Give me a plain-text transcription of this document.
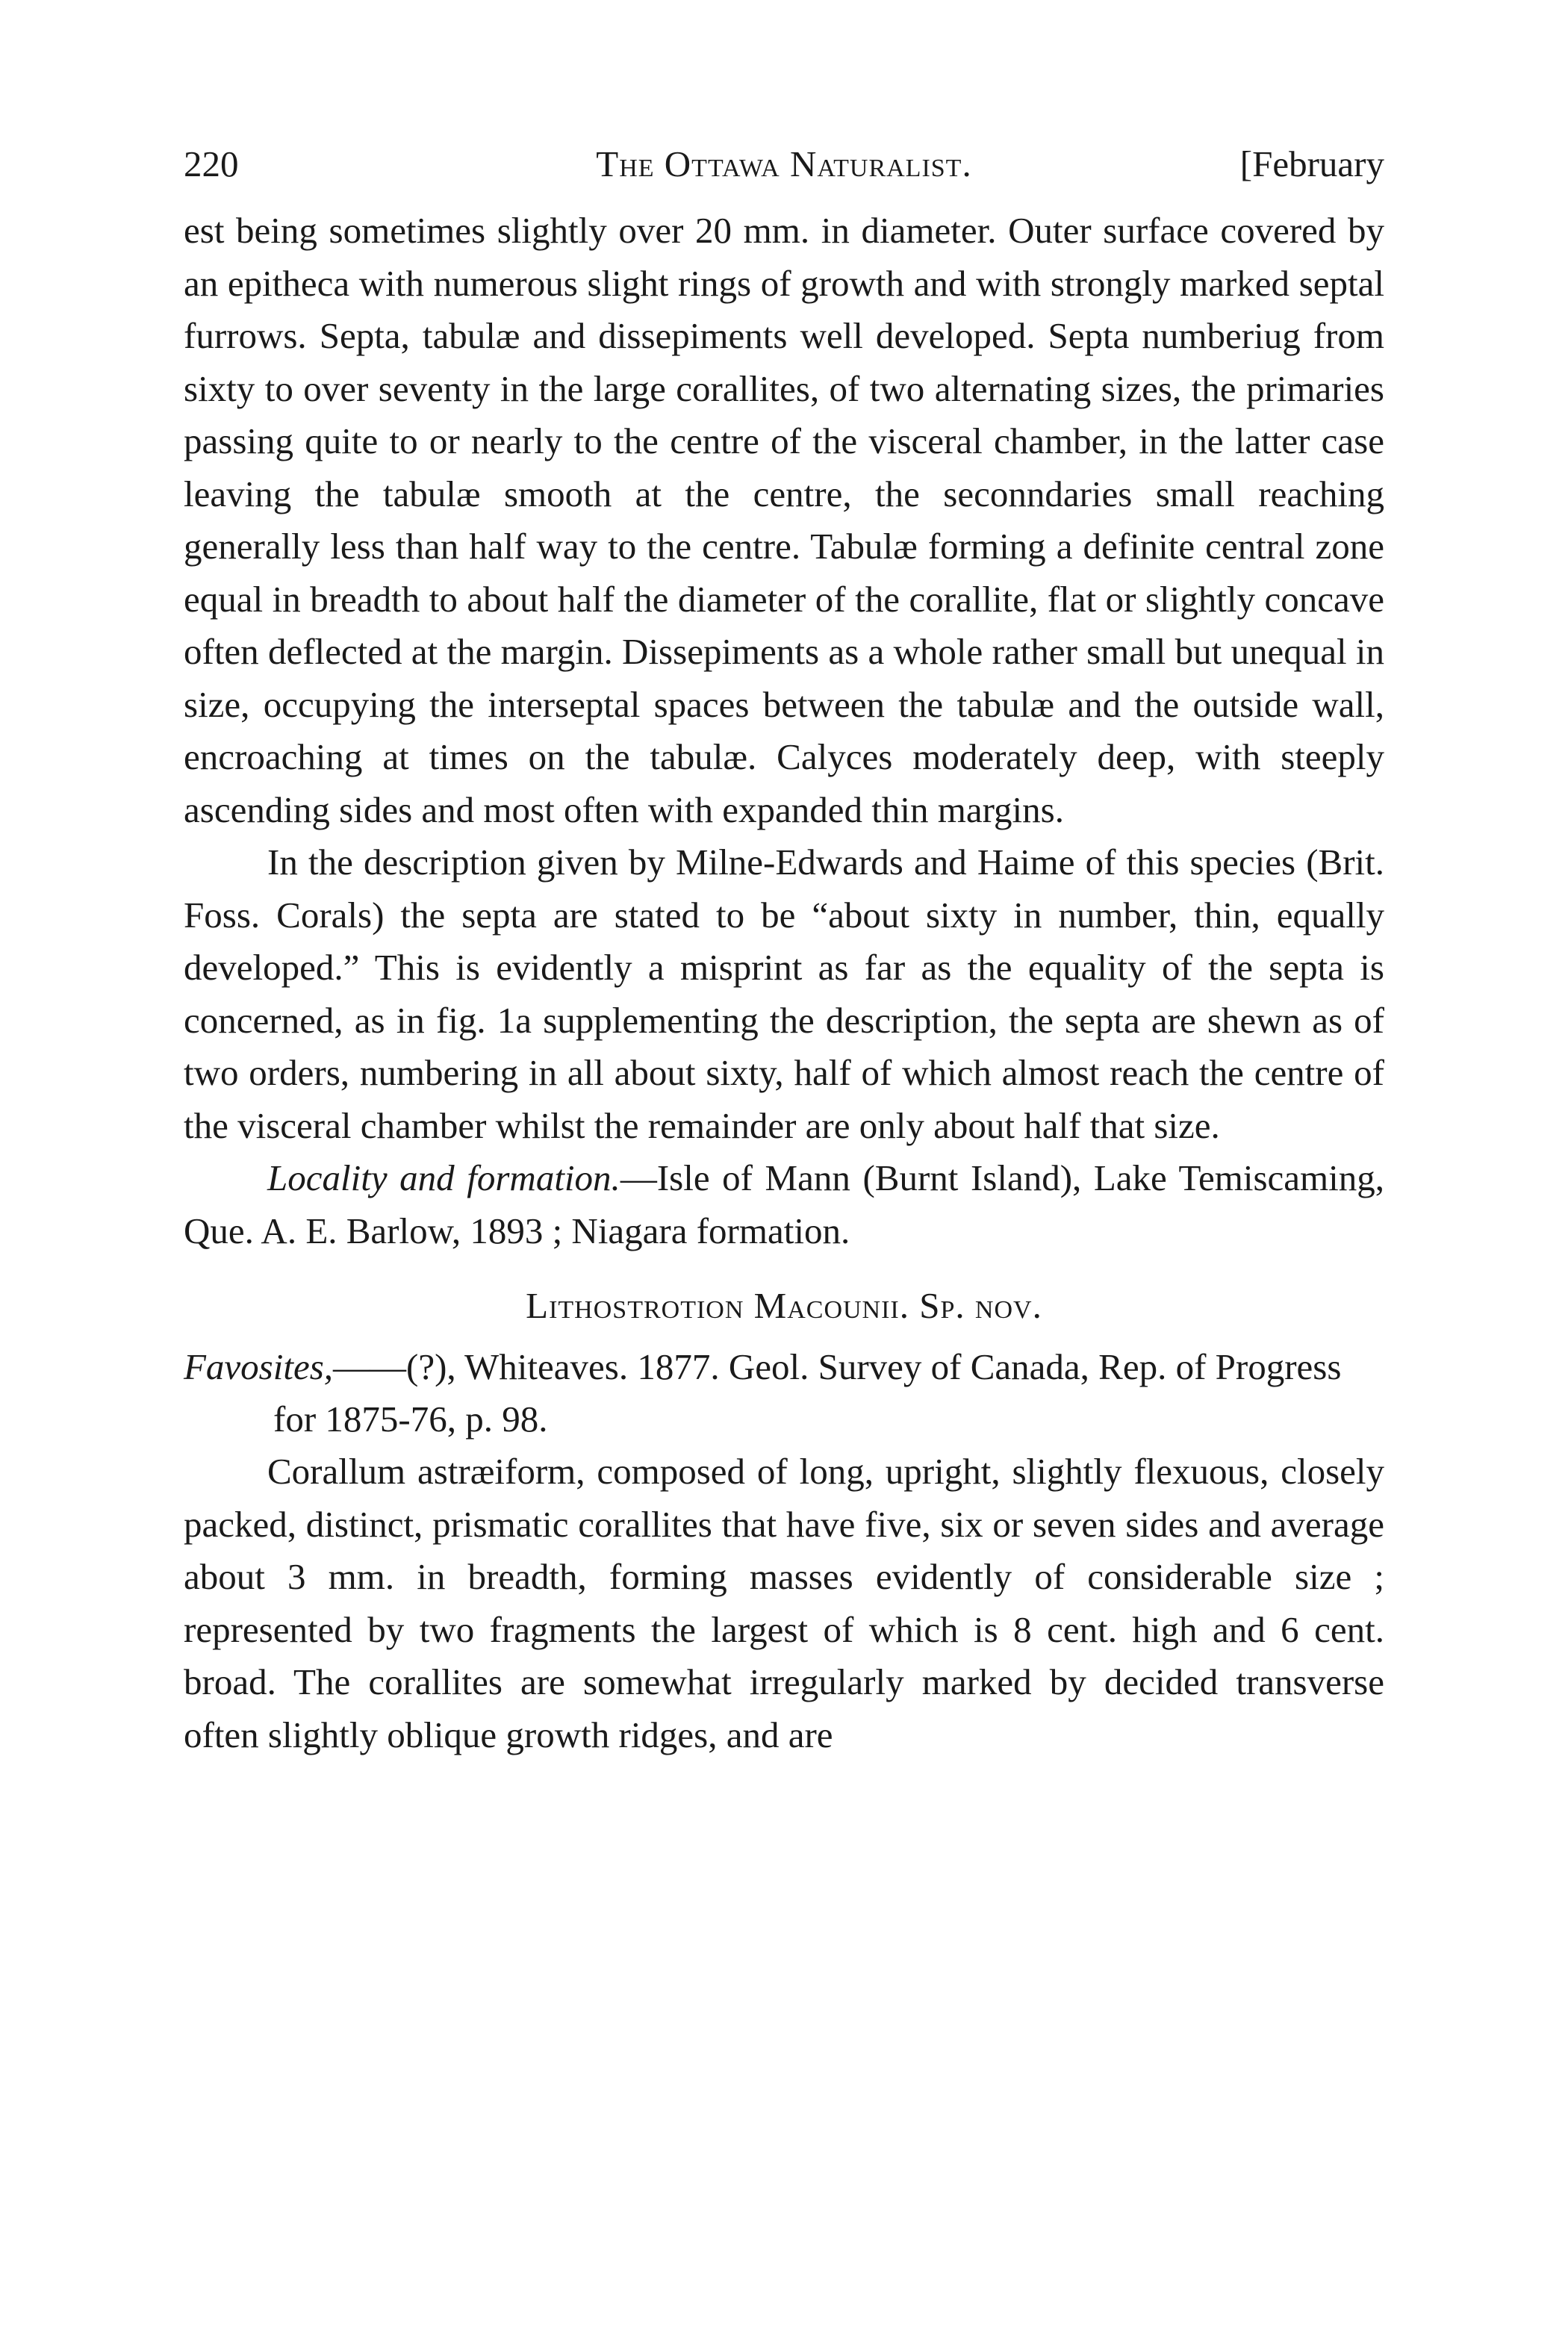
220	The Ottawa Naturalist.	[February

est being sometimes slightly over 20 mm. in diameter. Outer surface covered by an epitheca with numerous slight rings of growth and with strongly marked septal furrows. Septa, tabulæ and dissepiments well developed. Septa numberiug from sixty to over seventy in the large corallites, of two alternating sizes, the primaries passing quite to or nearly to the centre of the visceral chamber, in the latter case leaving the tabulæ smooth at the centre, the seconndaries small reaching generally less than half way to the centre. Tabulæ forming a definite central zone equal in breadth to about half the diameter of the corallite, flat or slightly concave often deflected at the margin. Dissepiments as a whole rather small but unequal in size, occupying the interseptal spaces between the tabulæ and the outside wall, encroaching at times on the tabulæ. Calyces moderately deep, with steeply ascending sides and most often with expanded thin margins.

In the description given by Milne-Edwards and Haime of this species (Brit. Foss. Corals) the septa are stated to be “about sixty in number, thin, equally developed.” This is evidently a misprint as far as the equality of the septa is concerned, as in fig. 1a supplementing the description, the septa are shewn as of two orders, numbering in all about sixty, half of which almost reach the centre of the visceral chamber whilst the remainder are only about half that size.

Locality and formation.—Isle of Mann (Burnt Island), Lake Temiscaming, Que. A. E. Barlow, 1893 ; Niagara formation.

Lithostrotion Macounii. Sp. nov.

Favosites,——(?), Whiteaves. 1877. Geol. Survey of Canada, Rep. of Progress for 1875-76, p. 98.

Corallum astræiform, composed of long, upright, slightly flexuous, closely packed, distinct, prismatic corallites that have five, six or seven sides and average about 3 mm. in breadth, forming masses evidently of considerable size ; represented by two fragments the largest of which is 8 cent. high and 6 cent. broad. The corallites are somewhat irregularly marked by decided transverse often slightly oblique growth ridges, and are
